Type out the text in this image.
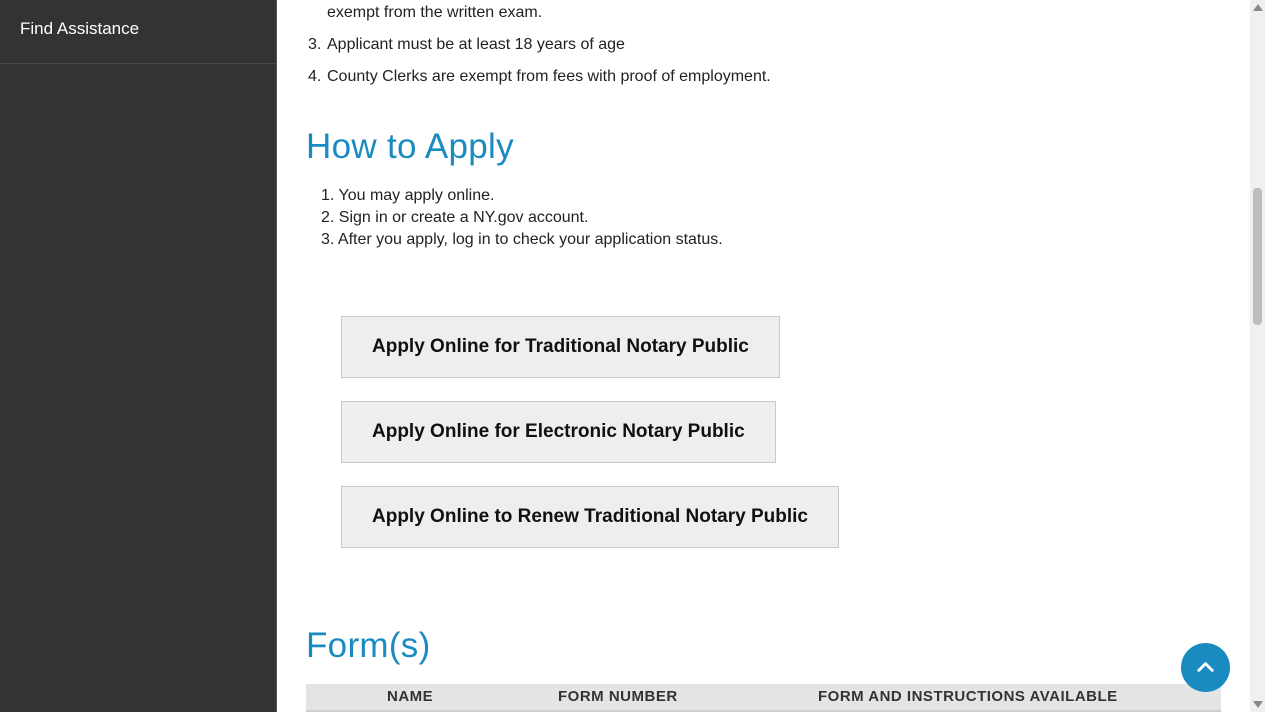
Find Assistance
exempt from the written exam.
3. Applicant must be at least 18 years of age
4. County Clerks are exempt from fees with proof of employment.
How to Apply
1. You may apply online.
2. Sign in or create a NY.gov account.
3. After you apply, log in to check your application status.
Apply Online for Traditional Notary Public
Apply Online for Electronic Notary Public
Apply Online to Renew Traditional Notary Public
Form(s)
NAME	FORM NUMBER	FORM AND INSTRUCTIONS AVAILABLE
